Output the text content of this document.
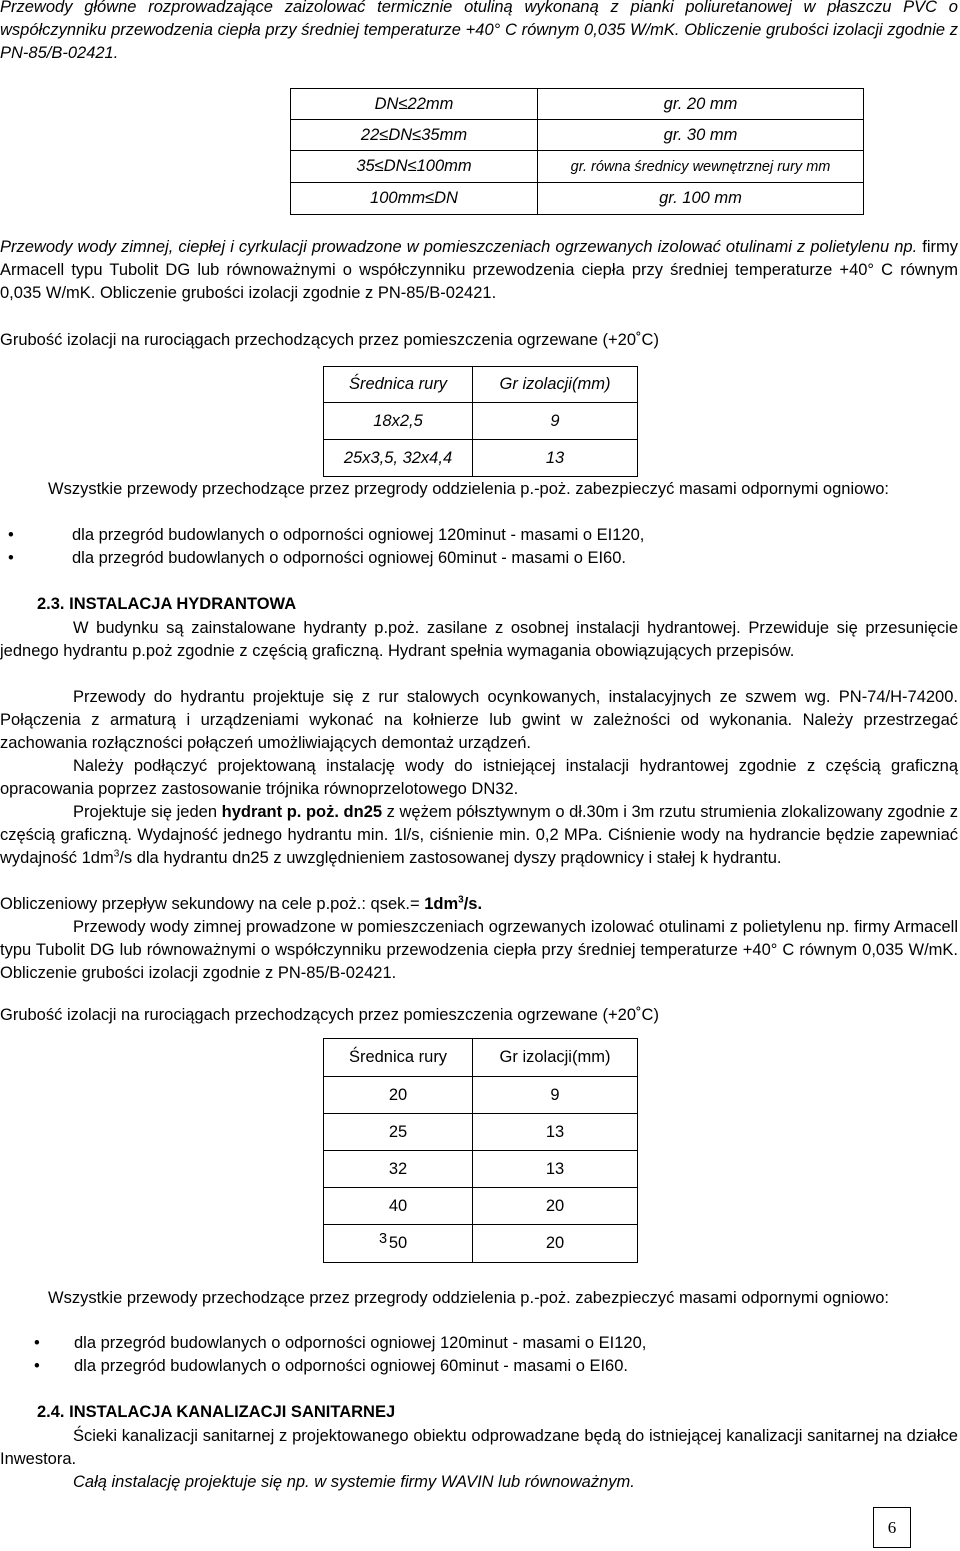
Przewody główne rozprowadzające zaizolować termicznie otuliną wykonaną z pianki poliuretanowej w płaszczu PVC o współczynniku przewodzenia ciepła przy średniej temperaturze +40° C równym 0,035 W/mK. Obliczenie grubości izolacji zgodnie z PN-85/B-02421.
DN≤22mm	gr. 20 mm
22≤DN≤35mm	gr. 30 mm
35≤DN≤100mm	gr. równa średnicy wewnętrznej rury mm
100mm≤DN	gr. 100 mm
Przewody wody zimnej, ciepłej i cyrkulacji prowadzone w pomieszczeniach ogrzewanych izolować otulinami z polietylenu np. firmy Armacell typu Tubolit DG lub równoważnymi o współczynniku przewodzenia ciepła przy średniej temperaturze +40° C równym 0,035 W/mK. Obliczenie grubości izolacji zgodnie z PN-85/B-02421.
Grubość izolacji na rurociągach przechodzących przez pomieszczenia ogrzewane (+20˚C)
Średnica rury	Gr izolacji(mm)
18x2,5	9
25x3,5, 32x4,4	13
Wszystkie przewody przechodzące przez przegrody oddzielenia p.-poż. zabezpieczyć masami odpornymi ogniowo:
•	dla przegród budowlanych o odporności ogniowej 120minut - masami o EI120,
•	dla przegród budowlanych o odporności ogniowej 60minut - masami o EI60.
2.3. INSTALACJA HYDRANTOWA
W budynku są zainstalowane hydranty p.poż. zasilane z osobnej instalacji hydrantowej. Przewiduje się przesunięcie jednego hydrantu p.poż zgodnie z częścią graficzną. Hydrant spełnia wymagania obowiązujących przepisów.
Przewody do hydrantu projektuje się z rur stalowych ocynkowanych, instalacyjnych ze szwem wg. PN-74/H-74200. Połączenia z armaturą i urządzeniami wykonać na kołnierze lub gwint w zależności od wykonania. Należy przestrzegać zachowania rozłączności połączeń umożliwiających demontaż urządzeń.
Należy podłączyć projektowaną instalację wody do istniejącej instalacji hydrantowej zgodnie z częścią graficzną opracowania poprzez zastosowanie trójnika równoprzelotowego DN32.
Projektuje się jeden hydrant p. poż. dn25 z wężem półsztywnym o dł.30m i 3m rzutu strumienia zlokalizowany zgodnie z częścią graficzną. Wydajność jednego hydrantu min. 1l/s, ciśnienie min. 0,2 MPa. Ciśnienie wody na hydrancie będzie zapewniać wydajność $1dm^3/s$ dla hydrantu dn25 z uwzględnieniem zastosowanej dyszy prądownicy i stałej k hydrantu.
Obliczeniowy przepływ sekundowy na cele p.poż.: qsek.= $1dm^3/s$.
Przewody wody zimnej prowadzone w pomieszczeniach ogrzewanych izolować otulinami z polietylenu np. firmy Armacell typu Tubolit DG lub równoważnymi o współczynniku przewodzenia ciepła przy średniej temperaturze +40° C równym 0,035 W/mK. Obliczenie grubości izolacji zgodnie z PN-85/B-02421.
Grubość izolacji na rurociągach przechodzących przez pomieszczenia ogrzewane (+20˚C)
Średnica rury	Gr izolacji(mm)
20	9
25	13
32	13
40	20

3 50	20
Wszystkie przewody przechodzące przez przegrody oddzielenia p.-poż. zabezpieczyć masami odpornymi ogniowo:
• dla przegród budowlanych o odporności ogniowej 120minut - masami o EI120,
• dla przegród budowlanych o odporności ogniowej 60minut - masami o EI60.
2.4. INSTALACJA KANALIZACJI SANITARNEJ
Ścieki kanalizacji sanitarnej z projektowanego obiektu odprowadzane będą do istniejącej kanalizacji sanitarnej na działce Inwestora.
Całą instalację projektuje się np. w systemie firmy WAVIN lub równoważnym.
6
